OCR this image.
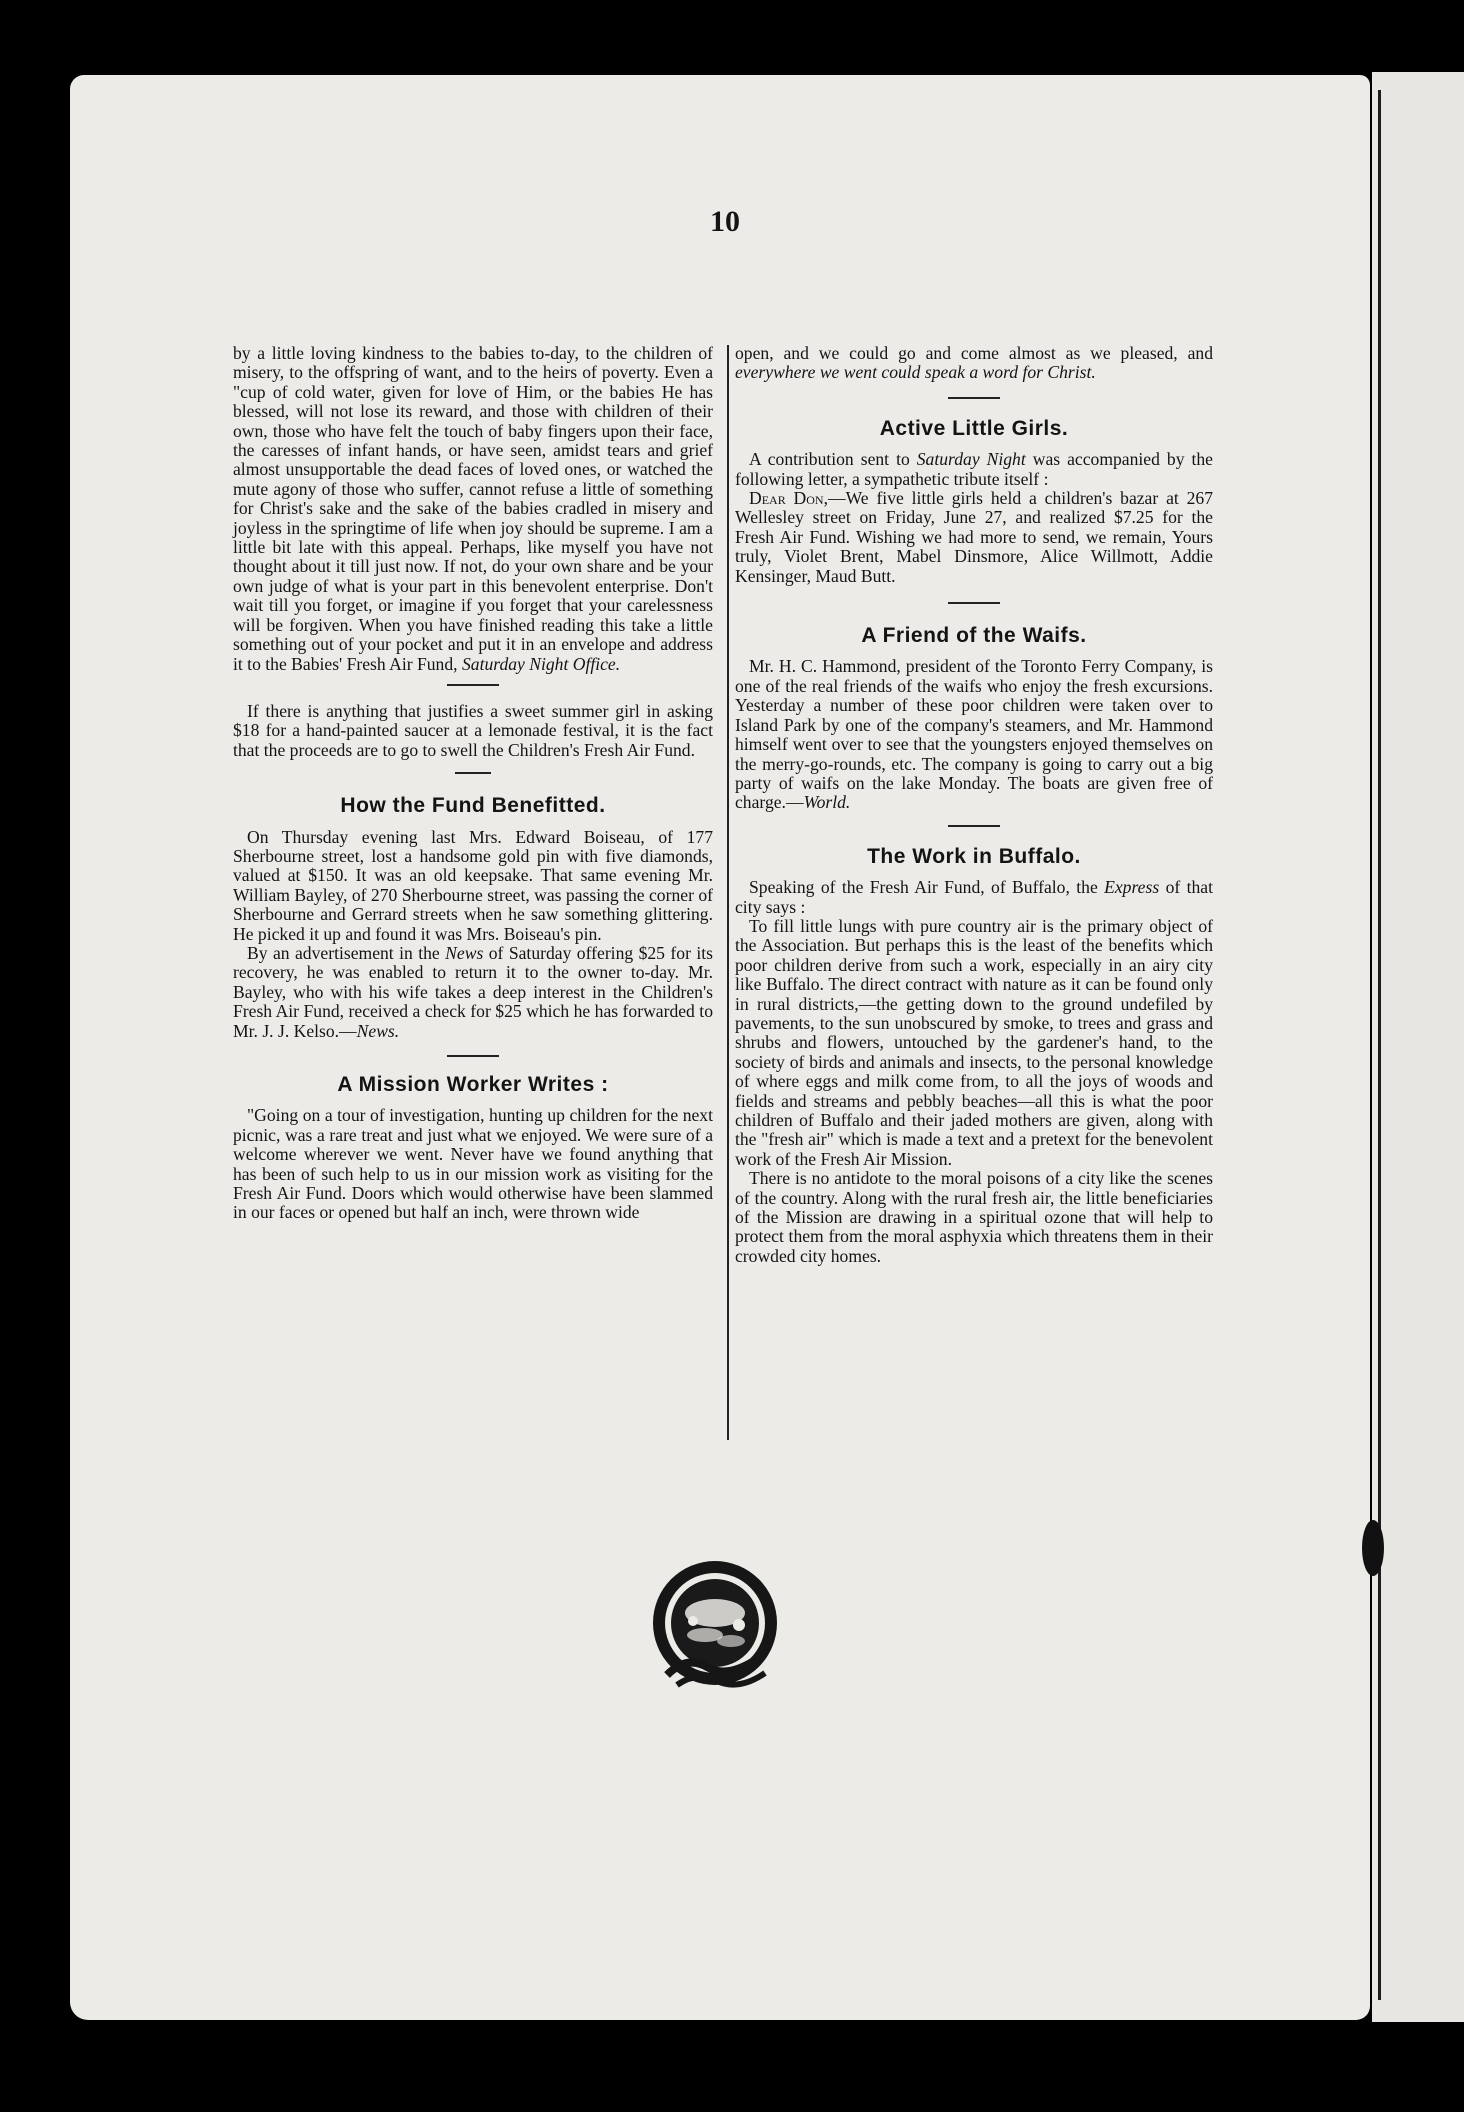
10

by a little loving kindness to the babies to-day, to the children of misery, to the offspring of want, and to the heirs of poverty. Even a "cup of cold water, given for love of Him, or the babies He has blessed, will not lose its reward, and those with children of their own, those who have felt the touch of baby fingers upon their face, the caresses of infant hands, or have seen, amidst tears and grief almost unsupportable the dead faces of loved ones, or watched the mute agony of those who suffer, cannot refuse a little of something for Christ's sake and the sake of the babies cradled in misery and joyless in the springtime of life when joy should be supreme. I am a little bit late with this appeal. Perhaps, like myself you have not thought about it till just now. If not, do your own share and be your own judge of what is your part in this benevolent enterprise. Don't wait till you forget, or imagine if you forget that your carelessness will be forgiven. When you have finished reading this take a little something out of your pocket and put it in an envelope and address it to the Babies' Fresh Air Fund, Saturday Night Office.

If there is anything that justifies a sweet summer girl in asking $18 for a hand-painted saucer at a lemonade festival, it is the fact that the proceeds are to go to swell the Children's Fresh Air Fund.

How the Fund Benefitted.

On Thursday evening last Mrs. Edward Boiseau, of 177 Sherbourne street, lost a handsome gold pin with five diamonds, valued at $150. It was an old keepsake. That same evening Mr. William Bayley, of 270 Sherbourne street, was passing the corner of Sherbourne and Gerrard streets when he saw something glittering. He picked it up and found it was Mrs. Boiseau's pin.

By an advertisement in the News of Saturday offering $25 for its recovery, he was enabled to return it to the owner to-day. Mr. Bayley, who with his wife takes a deep interest in the Children's Fresh Air Fund, received a check for $25 which he has forwarded to Mr. J. J. Kelso.—News.

A Mission Worker Writes :

"Going on a tour of investigation, hunting up children for the next picnic, was a rare treat and just what we enjoyed. We were sure of a welcome wherever we went. Never have we found anything that has been of such help to us in our mission work as visiting for the Fresh Air Fund. Doors which would otherwise have been slammed in our faces or opened but half an inch, were thrown wide

open, and we could go and come almost as we pleased, and everywhere we went could speak a word for Christ.

Active Little Girls.

A contribution sent to Saturday Night was accompanied by the following letter, a sympathetic tribute itself :

Dear Don,—We five little girls held a children's bazar at 267 Wellesley street on Friday, June 27, and realized $7.25 for the Fresh Air Fund. Wishing we had more to send, we remain, Yours truly, Violet Brent, Mabel Dinsmore, Alice Willmott, Addie Kensinger, Maud Butt.

A Friend of the Waifs.

Mr. H. C. Hammond, president of the Toronto Ferry Company, is one of the real friends of the waifs who enjoy the fresh excursions. Yesterday a number of these poor children were taken over to Island Park by one of the company's steamers, and Mr. Hammond himself went over to see that the youngsters enjoyed themselves on the merry-go-rounds, etc. The company is going to carry out a big party of waifs on the lake Monday. The boats are given free of charge.—World.

The Work in Buffalo.

Speaking of the Fresh Air Fund, of Buffalo, the Express of that city says :

To fill little lungs with pure country air is the primary object of the Association. But perhaps this is the least of the benefits which poor children derive from such a work, especially in an airy city like Buffalo. The direct contract with nature as it can be found only in rural districts,—the getting down to the ground undefiled by pavements, to the sun unobscured by smoke, to trees and grass and shrubs and flowers, untouched by the gardener's hand, to the society of birds and animals and insects, to the personal knowledge of where eggs and milk come from, to all the joys of woods and fields and streams and pebbly beaches—all this is what the poor children of Buffalo and their jaded mothers are given, along with the "fresh air" which is made a text and a pretext for the benevolent work of the Fresh Air Mission.

There is no antidote to the moral poisons of a city like the scenes of the country. Along with the rural fresh air, the little beneficiaries of the Mission are drawing in a spiritual ozone that will help to protect them from the moral asphyxia which threatens them in their crowded city homes.
